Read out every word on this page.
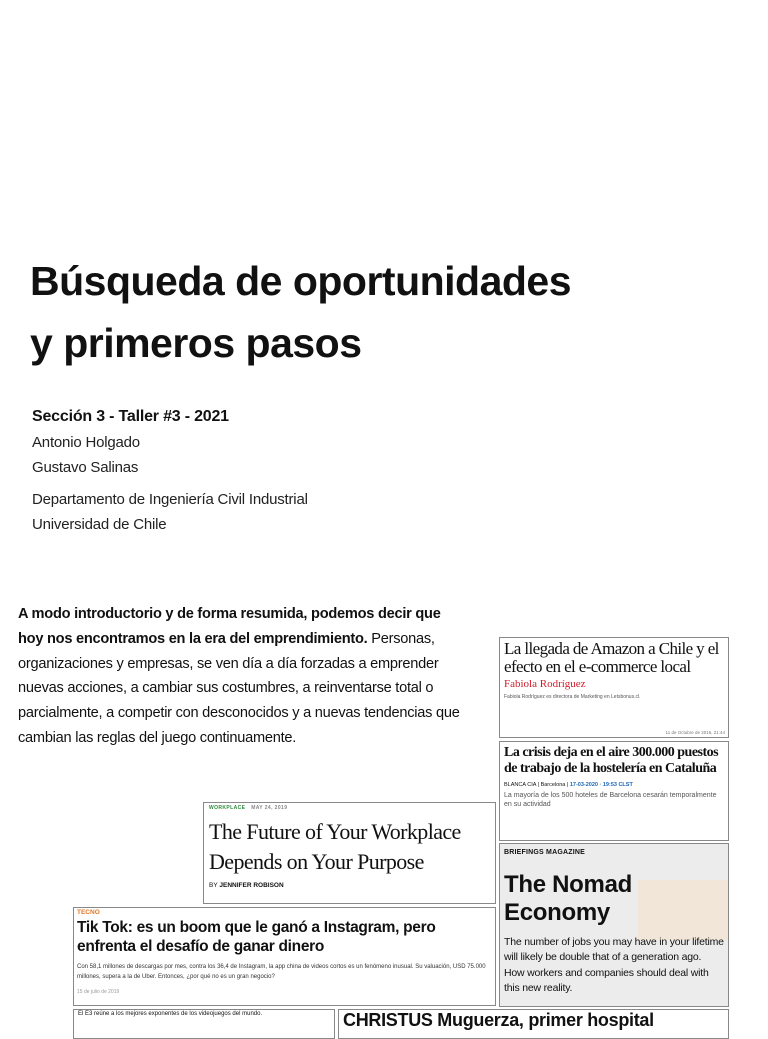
Búsqueda de oportunidades
y primeros pasos
Sección 3 - Taller #3 - 2021
Antonio Holgado
Gustavo Salinas
Departamento de Ingeniería Civil Industrial
Universidad de Chile
A modo introductorio y de forma resumida, podemos decir que hoy nos encontramos en la era del emprendimiento. Personas, organizaciones y empresas, se ven día a día forzadas a emprender nuevas acciones, a cambiar sus costumbres, a reinventarse total o parcialmente, a competir con desconocidos y a nuevas tendencias que cambian las reglas del juego continuamente.
La llegada de Amazon a Chile y el efecto en el e-commerce local
Fabiola Rodríguez
Fabiola Rodríguez es directora de Marketing en Letsbonus.cl.
11 de Octubre de 2016, 21:44
La crisis deja en el aire 300.000 puestos de trabajo de la hostelería en Cataluña
BLANCA CIA | Barcelona | 17-03-2020 · 19:53 CLST
La mayoría de los 500 hoteles de Barcelona cesarán temporalmente en su actividad
BRIEFINGS MAGAZINE
The Nomad Economy
The number of jobs you may have in your lifetime will likely be double that of a generation ago. How workers and companies should deal with this new reality.
WORKPLACE MAY 24, 2019
The Future of Your Workplace Depends on Your Purpose
BY JENNIFER ROBISON
TECNO
Tik Tok: es un boom que le ganó a Instagram, pero enfrenta el desafío de ganar dinero
Con 58,1 millones de descargas por mes, contra los 36,4 de Instagram, la app china de videos cortos es un fenómeno inusual. Su valuación, USD 75.000 millones, supera a la de Uber. Entonces, ¿por qué no es un gran negocio?
15 de julio de 2019
El E3 reúne a los mejores exponentes de los videojuegos del mundo.	CHRISTUS Muguerza, primer hospital
